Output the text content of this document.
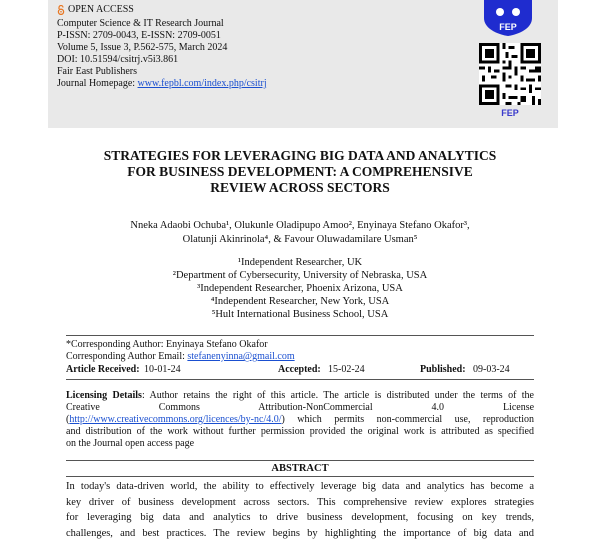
OPEN ACCESS
Computer Science & IT Research Journal
P-ISSN: 2709-0043, E-ISSN: 2709-0051
Volume 5, Issue 3, P.562-575, March 2024
DOI: 10.51594/csitrj.v5i3.861
Fair East Publishers
Journal Homepage: www.fepbl.com/index.php/csitrj
FEP
FEP
STRATEGIES FOR LEVERAGING BIG DATA AND ANALYTICS
FOR BUSINESS DEVELOPMENT: A COMPREHENSIVE
REVIEW ACROSS SECTORS
Nneka Adaobi Ochuba¹, Olukunle Oladipupo Amoo², Enyinaya Stefano Okafor³,
Olatunji Akinrinola⁴, & Favour Oluwadamilare Usman⁵
¹Independent Researcher, UK
²Department of Cybersecurity, University of Nebraska, USA
³Independent Researcher, Phoenix Arizona, USA
⁴Independent Researcher, New York, USA
⁵Hult International Business School, USA
*Corresponding Author: Enyinaya Stefano Okafor
Corresponding Author Email: stefanenyinna@gmail.com
Article Received: 10-01-24	Accepted: 15-02-24	Published: 09-03-24
Licensing Details: Author retains the right of this article. The article is distributed under the terms of the
Creative	Commons	Attribution-NonCommercial	4.0	License
(http://www.creativecommons.org/licences/by-nc/4.0/) which permits non-commercial use, reproduction
and distribution of the work without further permission provided the original work is attributed as specified
on the Journal open access page
ABSTRACT
In today's data-driven world, the ability to effectively leverage big data and analytics has become a
key driver of business development across sectors. This comprehensive review explores strategies
for leveraging big data and analytics to drive business development, focusing on key trends,
challenges, and best practices. The review begins by highlighting the importance of big data and
